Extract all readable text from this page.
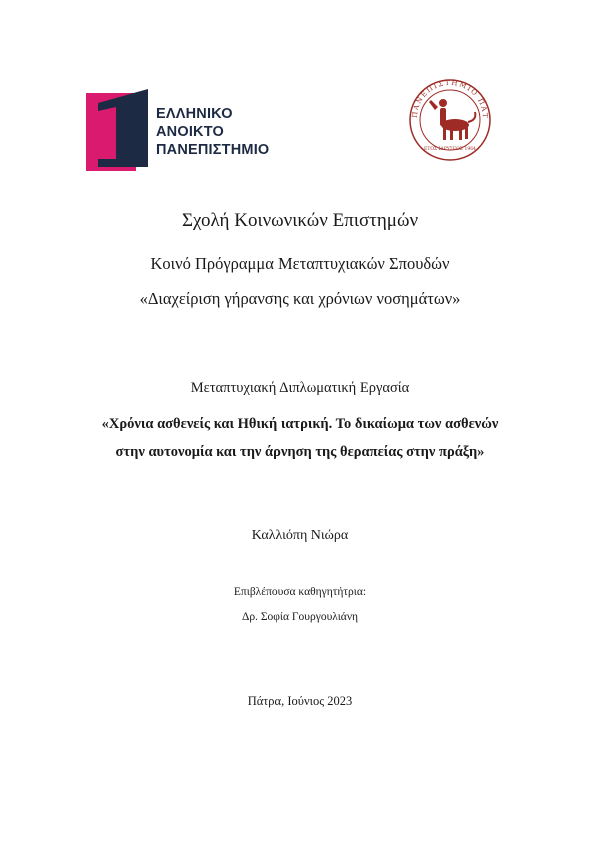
ΕΛΛΗΝΙΚΟ
ΑΝΟΙΚΤΟ
ΠΑΝΕΠΙΣΤΗΜΙΟ
ΠΑΝΕΠΙΣΤΗΜΙΟ ΠΑΤ
ΕΤΟΣ ΙΔΡΥΣΕΩΣ 1964
Σχολή Κοινωνικών Επιστημών
Κοινό Πρόγραμμα Μεταπτυχιακών Σπουδών
«Διαχείριση γήρανσης και χρόνιων νοσημάτων»
Μεταπτυχιακή Διπλωματική Εργασία
«Χρόνια ασθενείς και Ηθική ιατρική. Το δικαίωμα των ασθενών στην αυτονομία και την άρνηση της θεραπείας στην πράξη»
Καλλιόπη Νιώρα
Επιβλέπουσα καθηγητήτρια:
Δρ. Σοφία Γουργουλιάνη
Πάτρα, Ιούνιος 2023
